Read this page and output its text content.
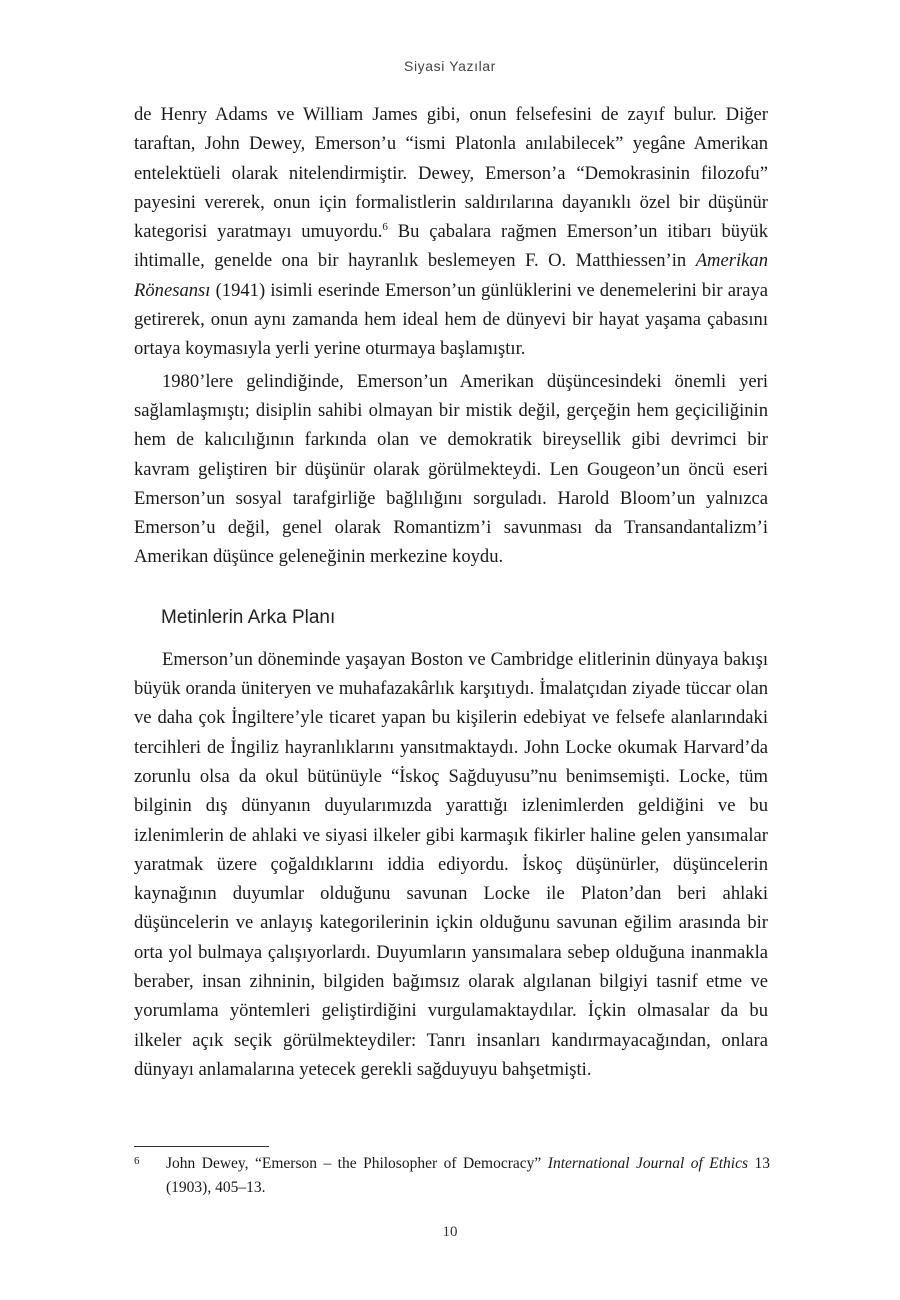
Siyasi Yazılar

de Henry Adams ve William James gibi, onun felsefesini de zayıf bulur. Diğer taraftan, John Dewey, Emerson’u “ismi Platonla anılabilecek” yegâne Amerikan entelektüeli olarak nitelendirmiştir. Dewey, Emerson’a “Demokrasinin filozofu” payesini vererek, onun için formalistlerin saldırılarına dayanıklı özel bir düşünür kategorisi yaratmayı umuyordu.$^6$ Bu çabalara rağmen Emerson’un itibarı büyük ihtimalle, genelde ona bir hayranlık beslemeyen F. O. Matthiessen’in Amerikan Rönesansı (1941) isimli eserinde Emerson’un günlüklerini ve denemelerini bir araya getirerek, onun aynı zamanda hem ideal hem de dünyevi bir hayat yaşama çabasını ortaya koymasıyla yerli yerine oturmaya başlamıştır.

1980’lere gelindiğinde, Emerson’un Amerikan düşüncesindeki önemli yeri sağlamlaşmıştı; disiplin sahibi olmayan bir mistik değil, gerçeğin hem geçiciliğinin hem de kalıcılığının farkında olan ve demokratik bireysellik gibi devrimci bir kavram geliştiren bir düşünür olarak görülmekteydi. Len Gougeon’un öncü eseri Emerson’un sosyal tarafgirliğe bağlılığını sorguladı. Harold Bloom’un yalnızca Emerson’u değil, genel olarak Romantizm’i savunması da Transandantalizm’i Amerikan düşünce geleneğinin merkezine koydu.

Metinlerin Arka Planı

Emerson’un döneminde yaşayan Boston ve Cambridge elitlerinin dünyaya bakışı büyük oranda üniteryen ve muhafazakârlık karşıtıydı. İmalatçıdan ziyade tüccar olan ve daha çok İngiltere’yle ticaret yapan bu kişilerin edebiyat ve felsefe alanlarındaki tercihleri de İngiliz hayranlıklarını yansıtmaktaydı. John Locke okumak Harvard’da zorunlu olsa da okul bütünüyle “İskoç Sağduyusu”nu benimsemişti. Locke, tüm bilginin dış dünyanın duyularımızda yarattığı izlenimlerden geldiğini ve bu izlenimlerin de ahlaki ve siyasi ilkeler gibi karmaşık fikirler haline gelen yansımalar yaratmak üzere çoğaldıklarını iddia ediyordu. İskoç düşünürler, düşüncelerin kaynağının duyumlar olduğunu savunan Locke ile Platon’dan beri ahlaki düşüncelerin ve anlayış kategorilerinin içkin olduğunu savunan eğilim arasında bir orta yol bulmaya çalışıyorlardı. Duyumların yansımalara sebep olduğuna inanmakla beraber, insan zihninin, bilgiden bağımsız olarak algılanan bilgiyi tasnif etme ve yorumlama yöntemleri geliştirdiğini vurgulamaktaydılar. İçkin olmasalar da bu ilkeler açık seçik görülmekteydiler: Tanrı insanları kandırmayacağından, onlara dünyayı anlamalarına yetecek gerekli sağduyuyu bahşetmişti.

6 John Dewey, “Emerson – the Philosopher of Democracy” International Journal of Ethics 13 (1903), 405–13.
10
